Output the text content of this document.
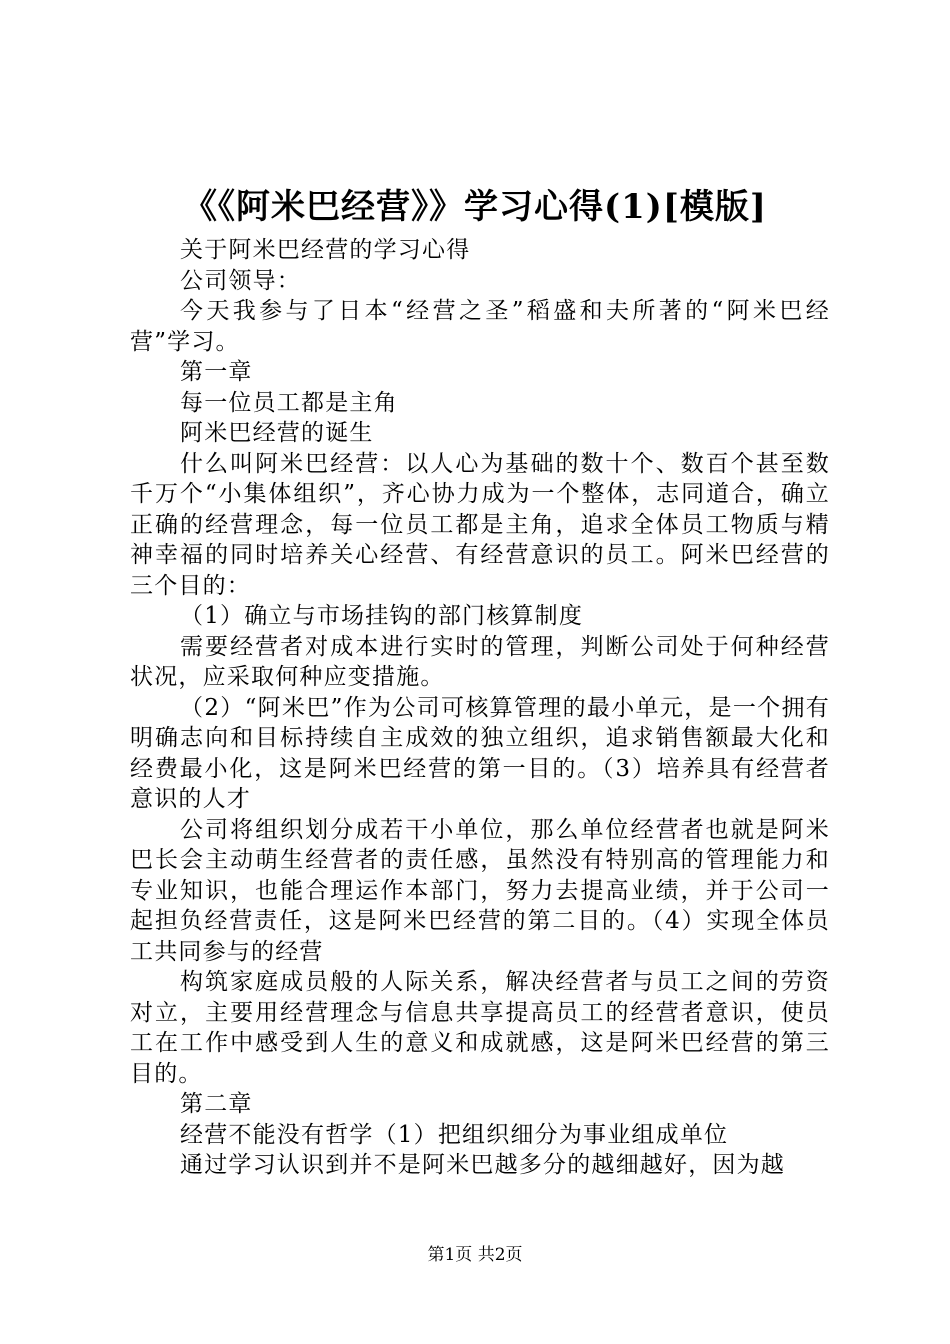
《《阿米巴经营》》学习心得(1)[模版]

关于阿米巴经营的学习心得

公司领导：

今天我参与了日本“经营之圣”稻盛和夫所著的“阿米巴经营”学习。

第一章

每一位员工都是主角

阿米巴经营的诞生

什么叫阿米巴经营：以人心为基础的数十个、数百个甚至数千万个“小集体组织”，齐心协力成为一个整体，志同道合，确立正确的经营理念，每一位员工都是主角，追求全体员工物质与精神幸福的同时培养关心经营、有经营意识的员工。阿米巴经营的三个目的：

（1）确立与市场挂钩的部门核算制度

需要经营者对成本进行实时的管理，判断公司处于何种经营状况，应采取何种应变措施。

（2）“阿米巴”作为公司可核算管理的最小单元，是一个拥有明确志向和目标持续自主成效的独立组织，追求销售额最大化和经费最小化，这是阿米巴经营的第一目的。（3）培养具有经营者意识的人才

公司将组织划分成若干小单位，那么单位经营者也就是阿米巴长会主动萌生经营者的责任感，虽然没有特别高的管理能力和专业知识，也能合理运作本部门，努力去提高业绩，并于公司一起担负经营责任，这是阿米巴经营的第二目的。（4）实现全体员工共同参与的经营

构筑家庭成员般的人际关系，解决经营者与员工之间的劳资对立，主要用经营理念与信息共享提高员工的经营者意识，使员工在工作中感受到人生的意义和成就感，这是阿米巴经营的第三目的。

第二章

经营不能没有哲学（1）把组织细分为事业组成单位

通过学习认识到并不是阿米巴越多分的越细越好，因为越

第1页 共2页
